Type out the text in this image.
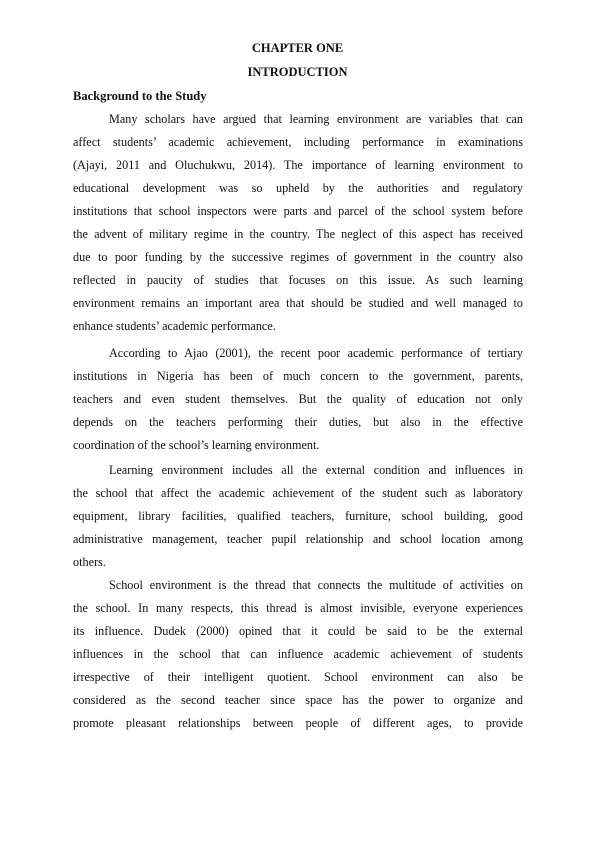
CHAPTER ONE
INTRODUCTION
Background to the Study
Many scholars have argued that learning environment are variables that can
affect students’ academic achievement, including performance in examinations
(Ajayi, 2011 and Oluchukwu, 2014). The importance of learning environment to
educational development was so upheld by the authorities and regulatory
institutions that school inspectors were parts and parcel of the school system before
the advent of military regime in the country. The neglect of this aspect has received
due to poor funding by the successive regimes of government in the country also
reflected in paucity of studies that focuses on this issue. As such learning
environment remains an important area that should be studied and well managed to
enhance students’ academic performance.
According to Ajao (2001), the recent poor academic performance of tertiary
institutions in Nigeria has been of much concern to the government, parents,
teachers and even student themselves. But the quality of education not only
depends on the teachers performing their duties, but also in the effective
coordination of the school’s learning environment.
Learning environment includes all the external condition and influences in
the school that affect the academic achievement of the student such as laboratory
equipment, library facilities, qualified teachers, furniture, school building, good
administrative management, teacher pupil relationship and school location among
others.
School environment is the thread that connects the multitude of activities on
the school. In many respects, this thread is almost invisible, everyone experiences
its influence. Dudek (2000) opined that it could be said to be the external
influences in the school that can influence academic achievement of students
irrespective of their intelligent quotient. School environment can also be
considered as the second teacher since space has the power to organize and
promote pleasant relationships between people of different ages, to provide
